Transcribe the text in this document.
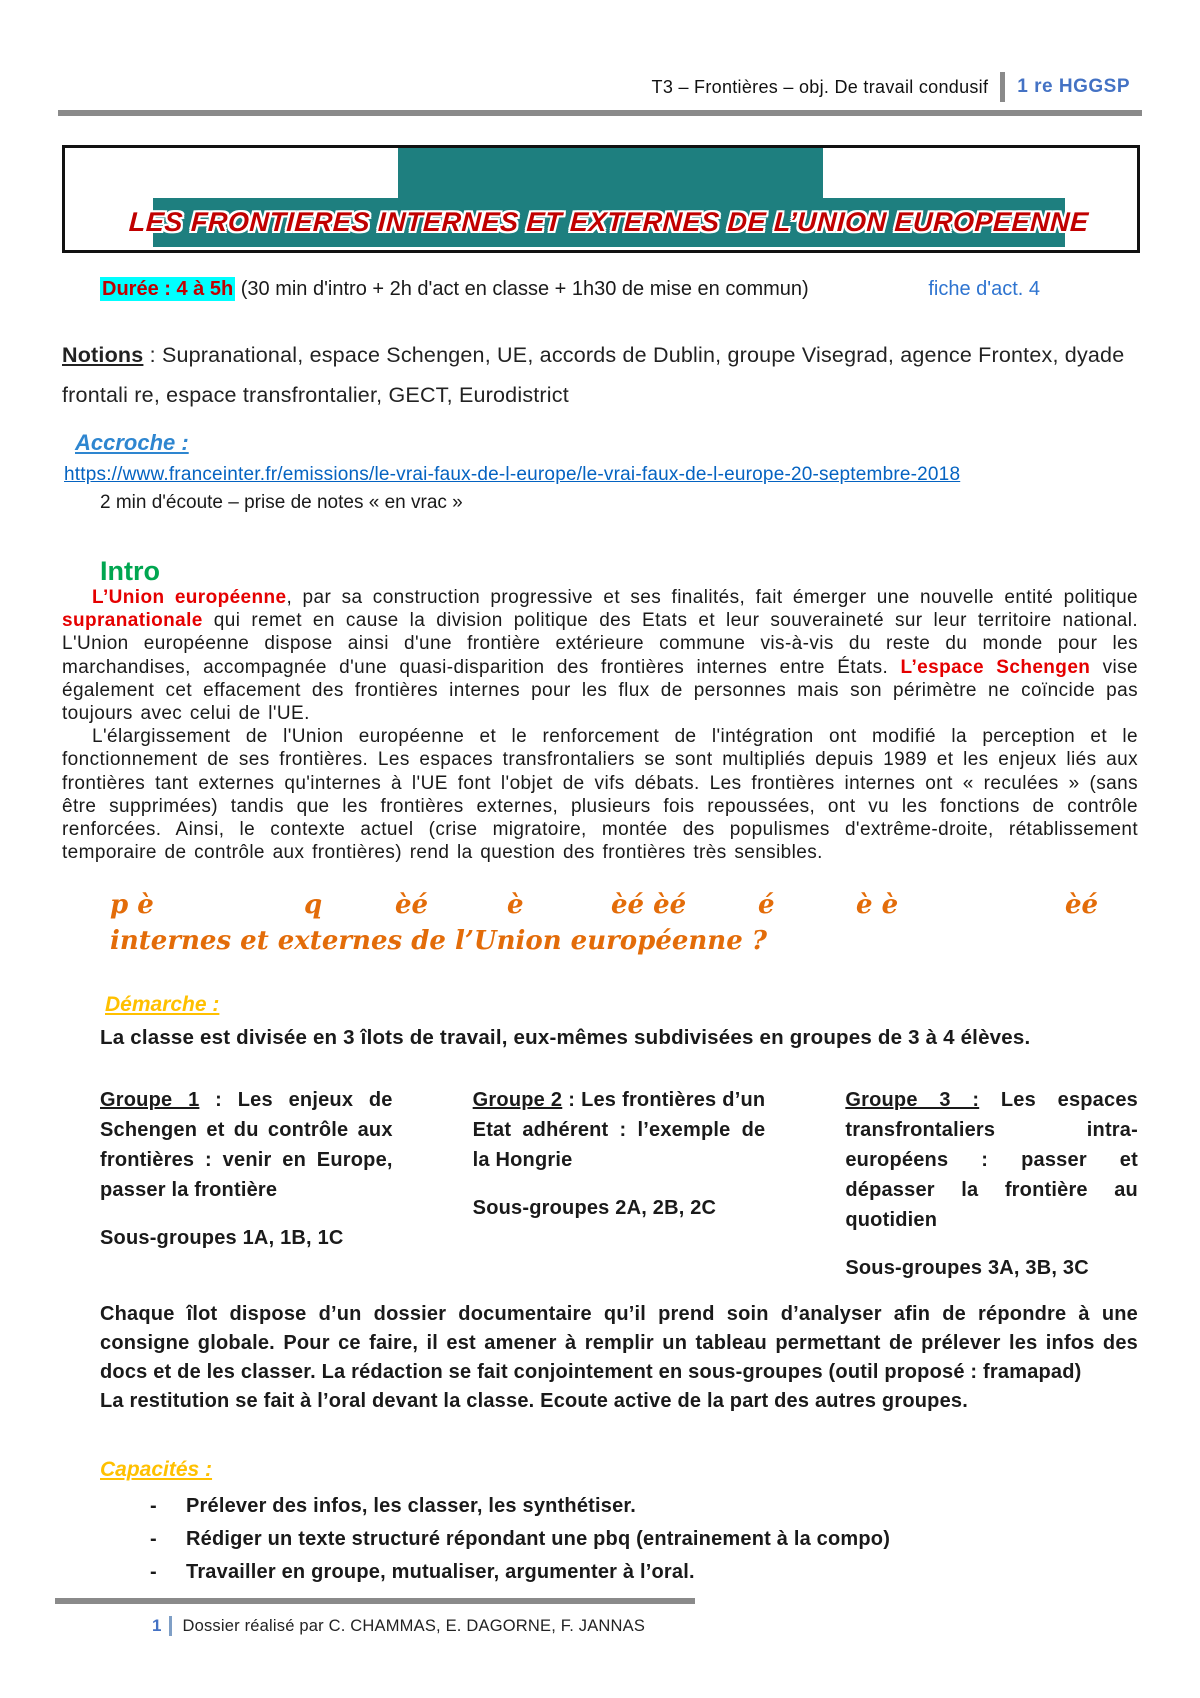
T3 – Frontières – obj. De travail condusif 1 re HGGSP
LES FRONTIERES INTERNES ET EXTERNES DE L’UNION EUROPEENNE
Durée : 4 à 5h (30 min d'intro + 2h d'act en classe + 1h30 de mise en commun)	fiche d'act. 4
Notions : Supranational, espace Schengen, UE, accords de Dublin, groupe Visegrad, agence Frontex, dyade frontali re, espace transfrontalier, GECT, Eurodistrict
Accroche :
https://www.franceinter.fr/emissions/le-vrai-faux-de-l-europe/le-vrai-faux-de-l-europe-20-septembre-2018
2 min d'écoute – prise de notes « en vrac »
Intro

L’Union européenne, par sa construction progressive et ses finalités, fait émerger une nouvelle entité politique supranationale qui remet en cause la division politique des Etats et leur souveraineté sur leur territoire national. L'Union européenne dispose ainsi d'une frontière extérieure commune vis-à-vis du reste du monde pour les marchandises, accompagnée d'une quasi-disparition des frontières internes entre États. L’espace Schengen vise également cet effacement des frontières internes pour les flux de personnes mais son périmètre ne coïncide pas toujours avec celui de l'UE.

L'élargissement de l'Union européenne et le renforcement de l'intégration ont modifié la perception et le fonctionnement de ses frontières. Les espaces transfrontaliers se sont multipliés depuis 1989 et les enjeux liés aux frontières tant externes qu'internes à l'UE font l'objet de vifs débats. Les frontières internes ont « reculées » (sans être supprimées) tandis que les frontières externes, plusieurs fois repoussées, ont vu les fonctions de contrôle renforcées. Ainsi, le contexte actuel (crise migratoire, montée des populismes d'extrême-droite, rétablissement temporaire de contrôle aux frontières) rend la question des frontières très sensibles.

p è	q	èé	è	èé èé	é	è è	èé
internes et externes de l’Union européenne ?
Démarche :
La classe est divisée en 3 îlots de travail, eux-mêmes subdivisées en groupes de 3 à 4 élèves.
Groupe 1 : Les enjeux de Schengen et du contrôle aux frontières : venir en Europe, passer la frontière
Sous-groupes 1A, 1B, 1C
Groupe 2 : Les frontières d’un Etat adhérent : l’exemple de la Hongrie
Sous-groupes 2A, 2B, 2C
Groupe 3 : Les espaces transfrontaliers intra-européens : passer et dépasser la frontière au quotidien
Sous-groupes 3A, 3B, 3C
Chaque îlot dispose d’un dossier documentaire qu’il prend soin d’analyser afin de répondre à une consigne globale. Pour ce faire, il est amener à remplir un tableau permettant de prélever les infos des docs et de les classer. La rédaction se fait conjointement en sous-groupes (outil proposé : framapad)
La restitution se fait à l’oral devant la classe. Ecoute active de la part des autres groupes.
Capacités :
- Prélever des infos, les classer, les synthétiser.
- Rédiger un texte structuré répondant une pbq (entrainement à la compo)
- Travailler en groupe, mutualiser, argumenter à l’oral.
1 Dossier réalisé par C. CHAMMAS, E. DAGORNE, F. JANNAS
